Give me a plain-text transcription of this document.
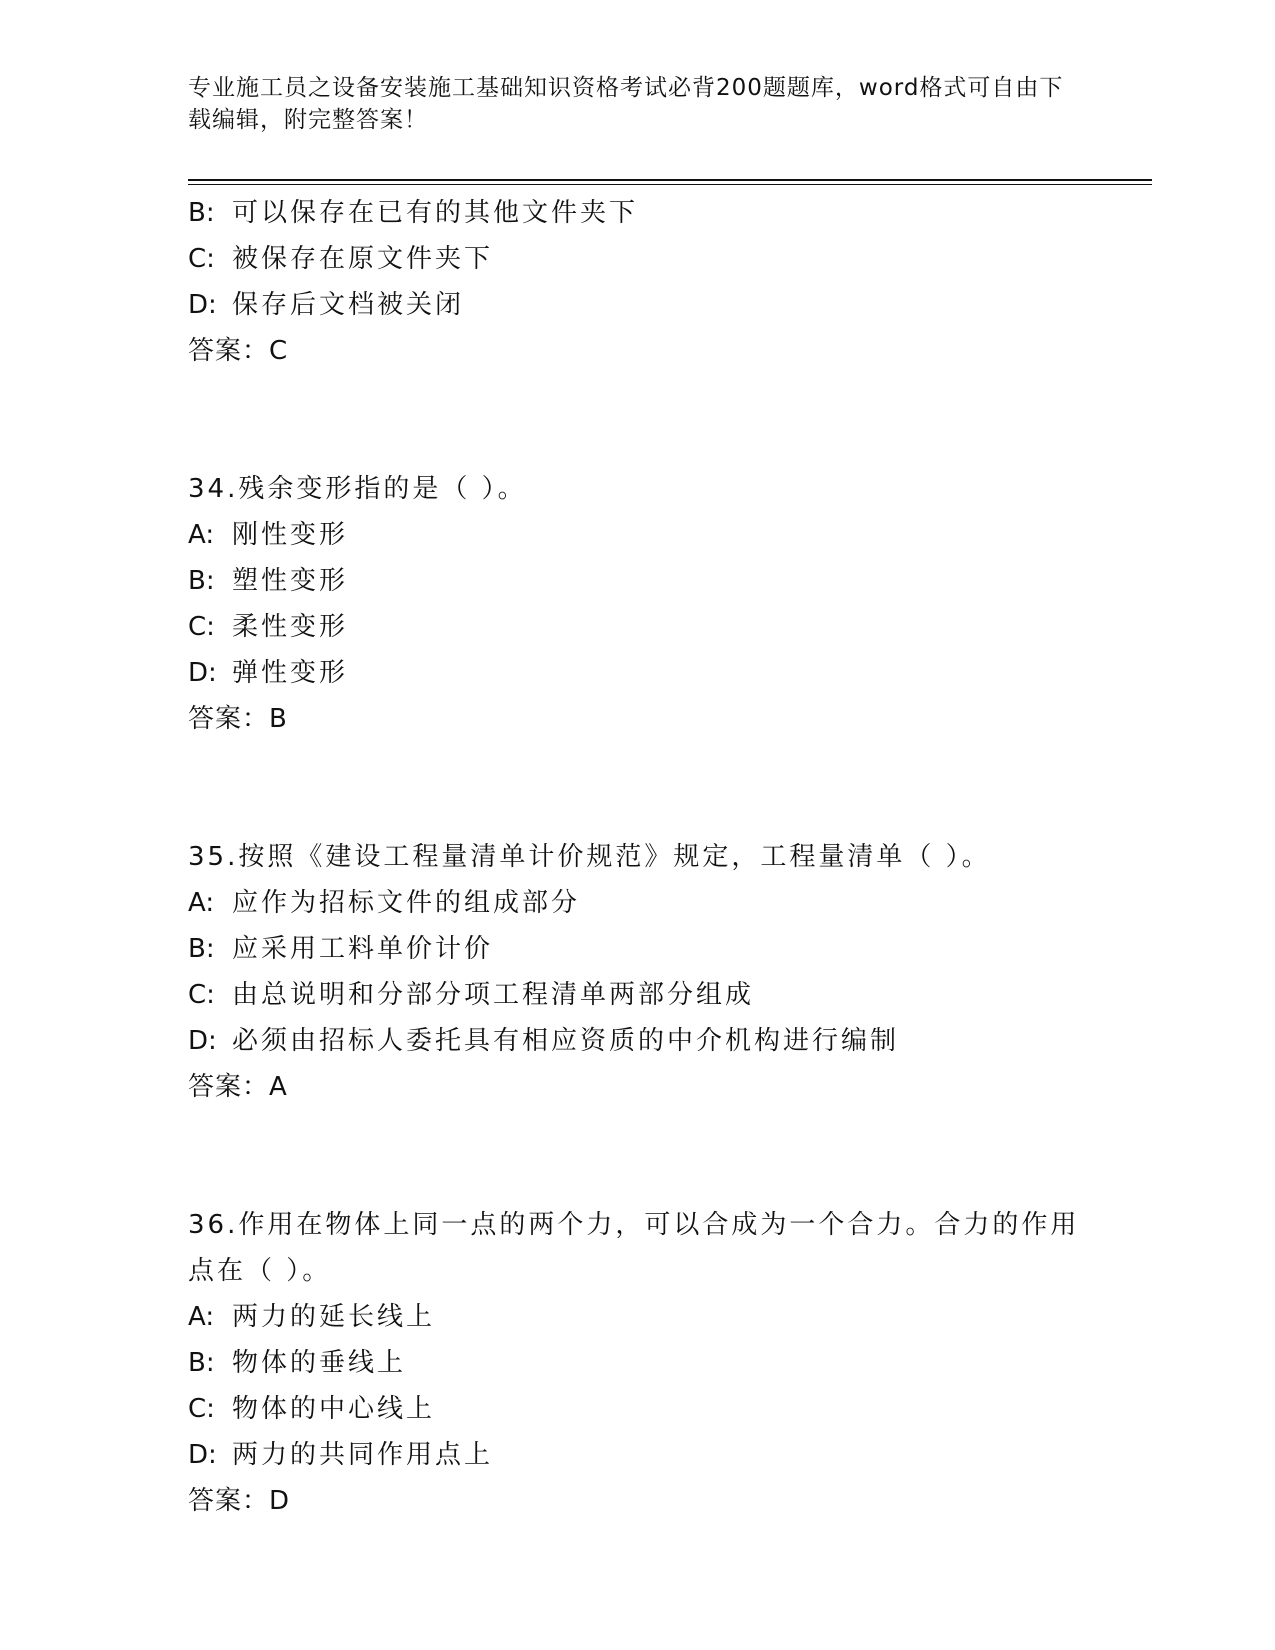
专业施工员之设备安装施工基础知识资格考试必背200题题库，word格式可自由下载编辑，附完整答案！
B: 可以保存在已有的其他文件夹下
C: 被保存在原文件夹下
D: 保存后文档被关闭
答案：C
34.残余变形指的是（ ）。
A: 刚性变形
B: 塑性变形
C: 柔性变形
D: 弹性变形
答案：B
35.按照《建设工程量清单计价规范》规定，工程量清单（ ）。
A: 应作为招标文件的组成部分
B: 应采用工料单价计价
C: 由总说明和分部分项工程清单两部分组成
D: 必须由招标人委托具有相应资质的中介机构进行编制
答案：A
36.作用在物体上同一点的两个力，可以合成为一个合力。合力的作用点在（ ）。
A: 两力的延长线上
B: 物体的垂线上
C: 物体的中心线上
D: 两力的共同作用点上
答案：D
